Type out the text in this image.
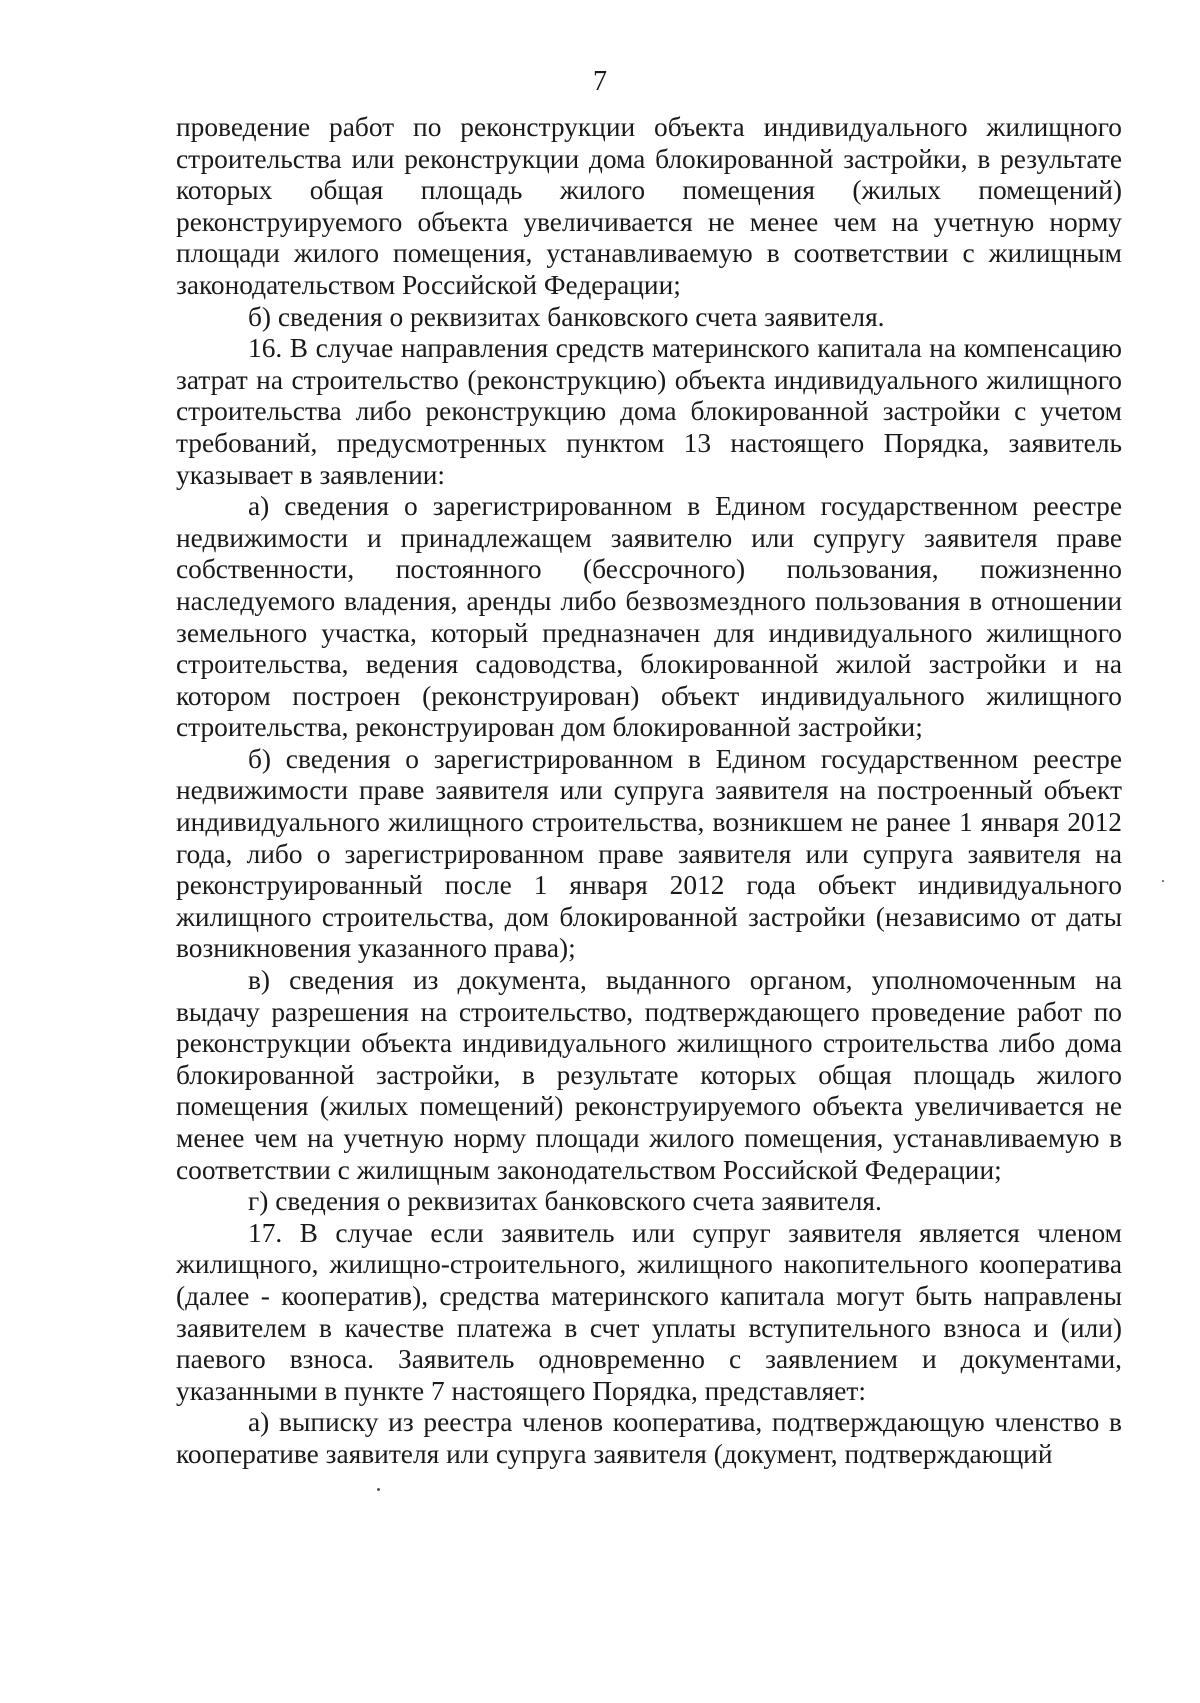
7

проведение работ по реконструкции объекта индивидуального жилищного строительства или реконструкции дома блокированной застройки, в результате которых общая площадь жилого помещения (жилых помещений) реконструируемого объекта увеличивается не менее чем на учетную норму площади жилого помещения, устанавливаемую в соответствии с жилищным законодательством Российской Федерации;

б) сведения о реквизитах банковского счета заявителя.

16. В случае направления средств материнского капитала на компенсацию затрат на строительство (реконструкцию) объекта индивидуального жилищного строительства либо реконструкцию дома блокированной застройки с учетом требований, предусмотренных пунктом 13 настоящего Порядка, заявитель указывает в заявлении:

а) сведения о зарегистрированном в Едином государственном реестре недвижимости и принадлежащем заявителю или супругу заявителя праве собственности, постоянного (бессрочного) пользования, пожизненно наследуемого владения, аренды либо безвозмездного пользования в отношении земельного участка, который предназначен для индивидуального жилищного строительства, ведения садоводства, блокированной жилой застройки и на котором построен (реконструирован) объект индивидуального жилищного строительства, реконструирован дом блокированной застройки;

б) сведения о зарегистрированном в Едином государственном реестре недвижимости праве заявителя или супруга заявителя на построенный объект индивидуального жилищного строительства, возникшем не ранее 1 января 2012 года, либо о зарегистрированном праве заявителя или супруга заявителя на реконструированный после 1 января 2012 года объект индивидуального жилищного строительства, дом блокированной застройки (независимо от даты возникновения указанного права);

в) сведения из документа, выданного органом, уполномоченным на выдачу разрешения на строительство, подтверждающего проведение работ по реконструкции объекта индивидуального жилищного строительства либо дома блокированной застройки, в результате которых общая площадь жилого помещения (жилых помещений) реконструируемого объекта увеличивается не менее чем на учетную норму площади жилого помещения, устанавливаемую в соответствии с жилищным законодательством Российской Федерации;

г) сведения о реквизитах банковского счета заявителя.

17. В случае если заявитель или супруг заявителя является членом жилищного, жилищно-строительного, жилищного накопительного кооператива (далее - кооператив), средства материнского капитала могут быть направлены заявителем в качестве платежа в счет уплаты вступительного взноса и (или) паевого взноса. Заявитель одновременно с заявлением и документами, указанными в пункте 7 настоящего Порядка, представляет:

а) выписку из реестра членов кооператива, подтверждающую членство в кооперативе заявителя или супруга заявителя (документ, подтверждающий
